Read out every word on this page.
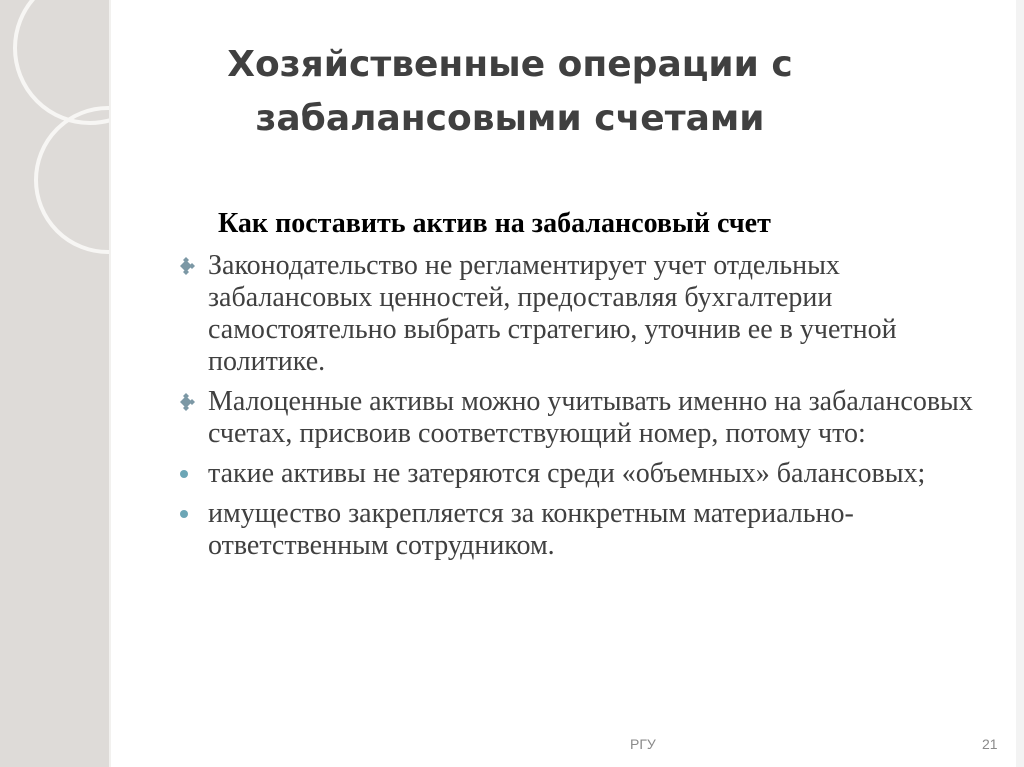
Хозяйственные операции с
забалансовыми счетами
Как поставить актив на забалансовый счет
Законодательство не регламентирует учет отдельных забалансовых ценностей, предоставляя бухгалтерии самостоятельно выбрать стратегию, уточнив ее в учетной политике.
Малоценные активы можно учитывать именно на забалансовых счетах, присвоив соответствующий номер, потому что:
такие активы не затеряются среди «объемных» балансовых;
имущество закрепляется за конкретным материально-ответственным сотрудником.
РГУ	21
